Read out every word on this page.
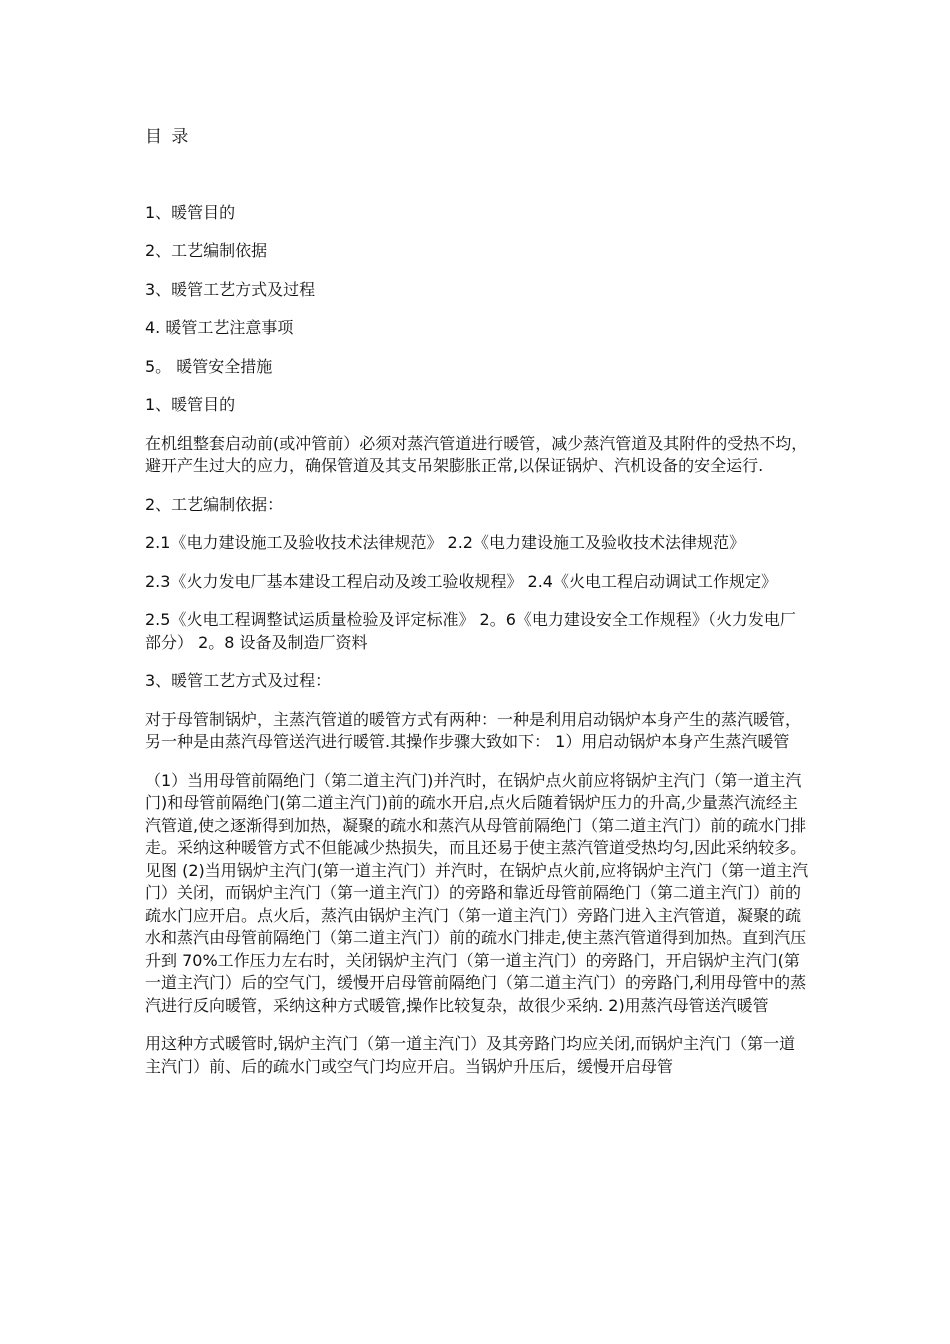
目 录
1、暖管目的
2、工艺编制依据
3、暖管工艺方式及过程
4. 暖管工艺注意事项
5。 暖管安全措施

1、暖管目的

在机组整套启动前(或冲管前）必须对蒸汽管道进行暖管，减少蒸汽管道及其附件的受热不均，避开产生过大的应力，确保管道及其支吊架膨胀正常,以保证锅炉、汽机设备的安全运行.

2、工艺编制依据：

2.1《电力建设施工及验收技术法律规范》 2.2《电力建设施工及验收技术法律规范》

2.3《火力发电厂基本建设工程启动及竣工验收规程》 2.4《火电工程启动调试工作规定》

2.5《火电工程调整试运质量检验及评定标准》 2。6《电力建设安全工作规程》（火力发电厂部分） 2。8 设备及制造厂资料

3、暖管工艺方式及过程：

对于母管制锅炉，主蒸汽管道的暖管方式有两种：一种是利用启动锅炉本身产生的蒸汽暖管，另一种是由蒸汽母管送汽进行暖管.其操作步骤大致如下： 1）用启动锅炉本身产生蒸汽暖管

（1）当用母管前隔绝门（第二道主汽门)并汽时，在锅炉点火前应将锅炉主汽门（第一道主汽门)和母管前隔绝门(第二道主汽门)前的疏水开启,点火后随着锅炉压力的升高,少量蒸汽流经主汽管道,使之逐渐得到加热，凝聚的疏水和蒸汽从母管前隔绝门（第二道主汽门）前的疏水门排走。采纳这种暖管方式不但能减少热损失，而且还易于使主蒸汽管道受热均匀,因此采纳较多。见图 (2)当用锅炉主汽门(第一道主汽门）并汽时，在锅炉点火前,应将锅炉主汽门（第一道主汽门）关闭，而锅炉主汽门（第一道主汽门）的旁路和靠近母管前隔绝门（第二道主汽门）前的疏水门应开启。点火后，蒸汽由锅炉主汽门（第一道主汽门）旁路门进入主汽管道，凝聚的疏水和蒸汽由母管前隔绝门（第二道主汽门）前的疏水门排走,使主蒸汽管道得到加热。直到汽压升到 70%工作压力左右时，关闭锅炉主汽门（第一道主汽门）的旁路门，开启锅炉主汽门(第一道主汽门）后的空气门，缓慢开启母管前隔绝门（第二道主汽门）的旁路门,利用母管中的蒸汽进行反向暖管，采纳这种方式暖管,操作比较复杂，故很少采纳. 2)用蒸汽母管送汽暖管

用这种方式暖管时,锅炉主汽门（第一道主汽门）及其旁路门均应关闭,而锅炉主汽门（第一道主汽门）前、后的疏水门或空气门均应开启。当锅炉升压后，缓慢开启母管
